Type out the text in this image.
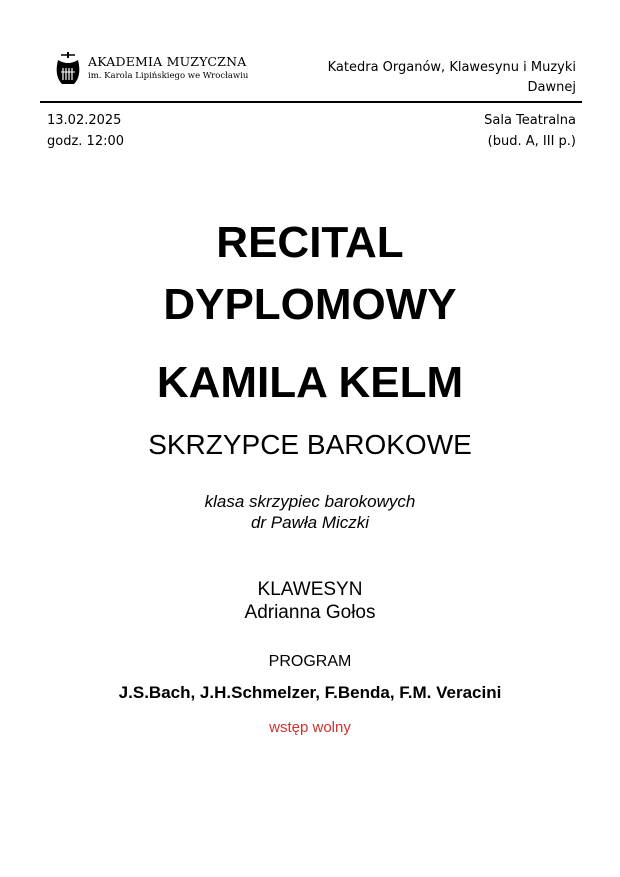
AKADEMIA MUZYCZNA
im. Karola Lipińskiego we Wrocławiu
Katedra Organów, Klawesynu i Muzyki Dawnej
13.02.2025
godz. 12:00
Sala Teatralna
(bud. A, III p.)
RECITAL
DYPLOMOWY
KAMILA KELM
SKRZYPCE BAROKOWE
klasa skrzypiec barokowych
dr Pawła Miczki
KLAWESYN
Adrianna Gołos
PROGRAM
J.S.Bach, J.H.Schmelzer, F.Benda, F.M. Veracini
wstęp wolny
